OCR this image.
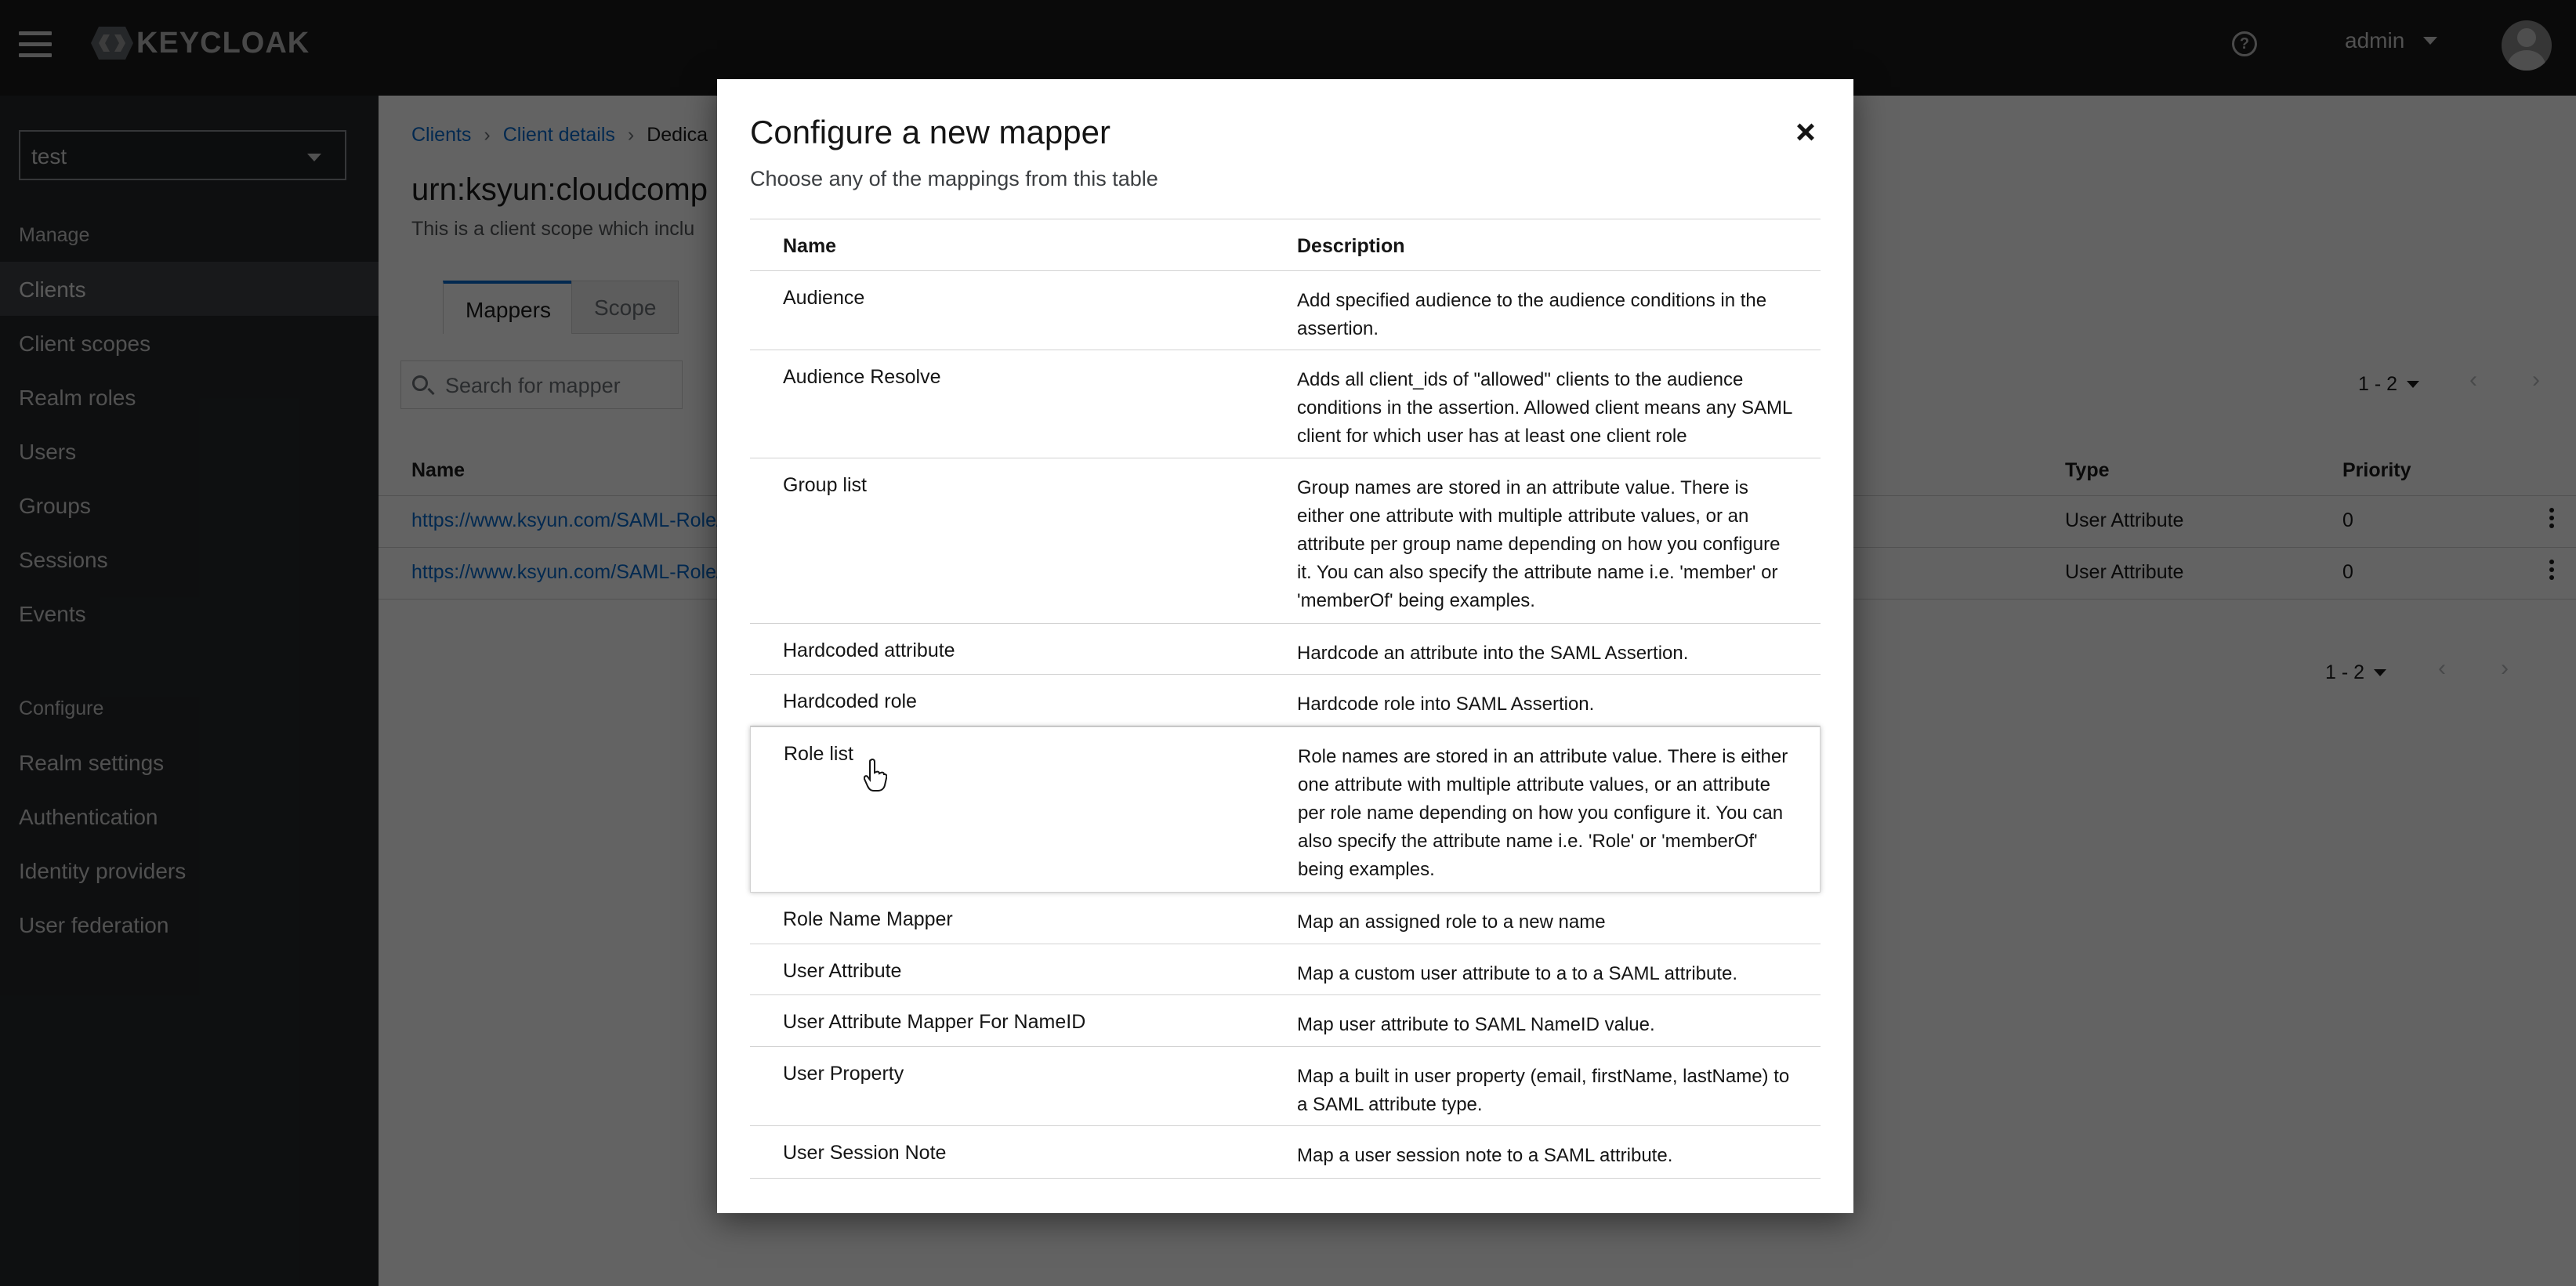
Configure a new mapper
Choose any of the mappings from this table
Name	Description
Audience	Add specified audience to the audience conditions in the assertion.
Audience Resolve	Adds all client_ids of "allowed" clients to the audience conditions in the assertion. Allowed client means any SAML client for which user has at least one client role
Group list	Group names are stored in an attribute value. There is either one attribute with multiple attribute values, or an attribute per group name depending on how you configure it. You can also specify the attribute name i.e. 'member' or 'memberOf' being examples.
Hardcoded attribute	Hardcode an attribute into the SAML Assertion.
Hardcoded role	Hardcode role into SAML Assertion.
Role list	Role names are stored in an attribute value. There is either one attribute with multiple attribute values, or an attribute per role name depending on how you configure it. You can also specify the attribute name i.e. 'Role' or 'memberOf' being examples.
Role Name Mapper	Map an assigned role to a new name
User Attribute	Map a custom user attribute to a to a SAML attribute.
User Attribute Mapper For NameID	Map user attribute to SAML NameID value.
User Property	Map a built in user property (email, firstName, lastName) to a SAML attribute type.
User Session Note	Map a user session note to a SAML attribute.
